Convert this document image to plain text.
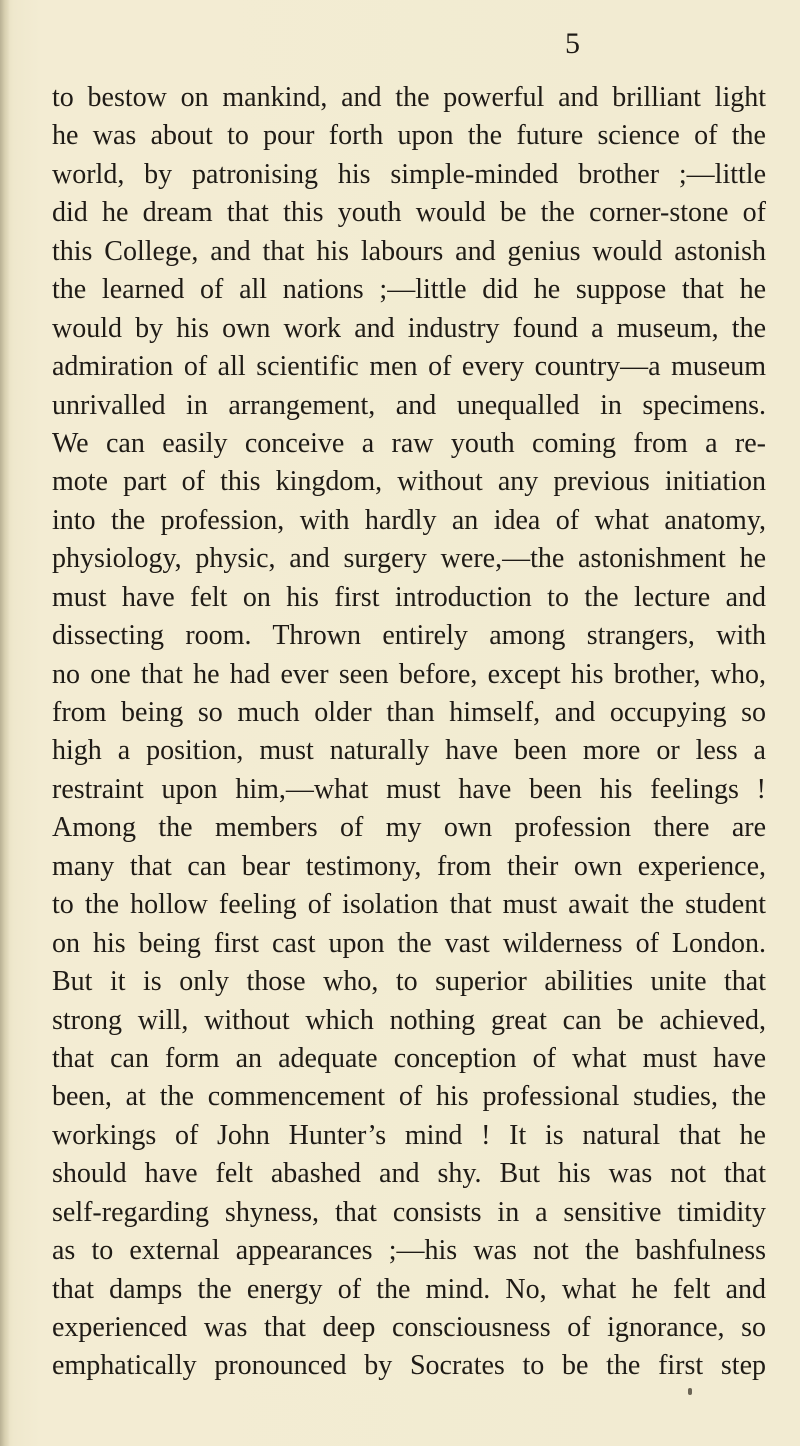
5
to bestow on mankind, and the powerful and brilliant light
he was about to pour forth upon the future science of the
world, by patronising his simple-minded brother ;—little
did he dream that this youth would be the corner-stone of
this College, and that his labours and genius would astonish
the learned of all nations ;—little did he suppose that he
would by his own work and industry found a museum, the
admiration of all scientific men of every country—a museum
unrivalled in arrangement, and unequalled in specimens.
We can easily conceive a raw youth coming from a re-
mote part of this kingdom, without any previous initiation
into the profession, with hardly an idea of what anatomy,
physiology, physic, and surgery were,—the astonishment he
must have felt on his first introduction to the lecture and
dissecting room. Thrown entirely among strangers, with
no one that he had ever seen before, except his brother, who,
from being so much older than himself, and occupying so
high a position, must naturally have been more or less a
restraint upon him,—what must have been his feelings !
Among the members of my own profession there are
many that can bear testimony, from their own experience,
to the hollow feeling of isolation that must await the student
on his being first cast upon the vast wilderness of London.
But it is only those who, to superior abilities unite that
strong will, without which nothing great can be achieved,
that can form an adequate conception of what must have
been, at the commencement of his professional studies, the
workings of John Hunter’s mind ! It is natural that he
should have felt abashed and shy. But his was not that
self-regarding shyness, that consists in a sensitive timidity
as to external appearances ;—his was not the bashfulness
that damps the energy of the mind. No, what he felt and
experienced was that deep consciousness of ignorance, so
emphatically pronounced by Socrates to be the first step
